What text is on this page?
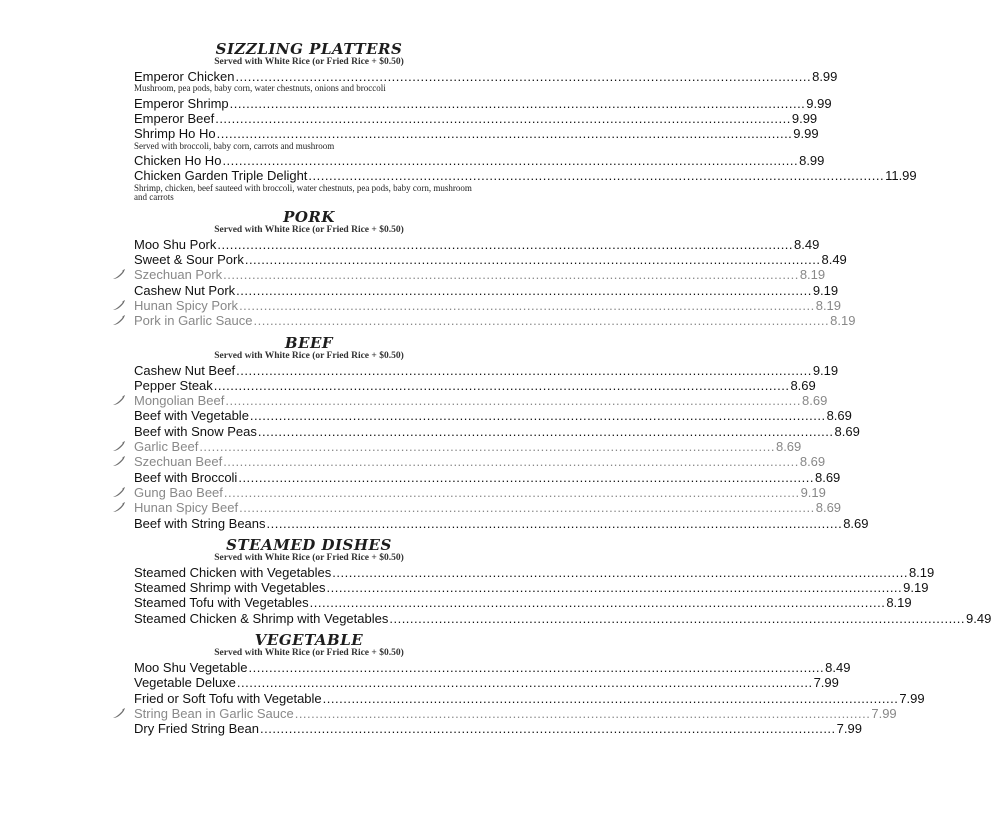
SIZZLING PLATTERS
Served with White Rice (or Fried Rice + $0.50)
Emperor Chicken ............................................................................................................................................ 8.99
Mushroom, pea pods, baby corn, water chestnuts, onions and broccoli
Emperor Shrimp ............................................................................................................................................ 9.99
Emperor Beef ............................................................................................................................................ 9.99
Shrimp Ho Ho ............................................................................................................................................ 9.99
Served with broccoli, baby corn, carrots and mushroom
Chicken Ho Ho ............................................................................................................................................ 8.99
Chicken Garden Triple Delight ............................................................................................................................................ 11.99
Shrimp, chicken, beef sauteed with broccoli, water chestnuts, pea pods, baby corn, mushroom and carrots
PORK
Served with White Rice (or Fried Rice + $0.50)
Moo Shu Pork ............................................................................................................................................ 8.49
Sweet & Sour Pork ............................................................................................................................................ 8.49
Szechuan Pork ............................................................................................................................................ 8.19
Cashew Nut Pork ............................................................................................................................................ 9.19
Hunan Spicy Pork ............................................................................................................................................ 8.19
Pork in Garlic Sauce ............................................................................................................................................ 8.19
BEEF
Served with White Rice (or Fried Rice + $0.50)
Cashew Nut Beef ............................................................................................................................................ 9.19
Pepper Steak ............................................................................................................................................ 8.69
Mongolian Beef ............................................................................................................................................ 8.69
Beef with Vegetable ............................................................................................................................................ 8.69
Beef with Snow Peas ............................................................................................................................................ 8.69
Garlic Beef ............................................................................................................................................ 8.69
Szechuan Beef ............................................................................................................................................ 8.69
Beef with Broccoli ............................................................................................................................................ 8.69
Gung Bao Beef ............................................................................................................................................ 9.19
Hunan Spicy Beef ............................................................................................................................................ 8.69
Beef with String Beans ............................................................................................................................................ 8.69
STEAMED DISHES
Served with White Rice (or Fried Rice + $0.50)
Steamed Chicken with Vegetables ............................................................................................................................................ 8.19
Steamed Shrimp with Vegetables ............................................................................................................................................ 9.19
Steamed Tofu with Vegetables ............................................................................................................................................ 8.19
Steamed Chicken & Shrimp with Vegetables ............................................................................................................................................ 9.49
VEGETABLE
Served with White Rice (or Fried Rice + $0.50)
Moo Shu Vegetable ............................................................................................................................................ 8.49
Vegetable Deluxe ............................................................................................................................................ 7.99
Fried or Soft Tofu with Vegetable ............................................................................................................................................ 7.99
String Bean in Garlic Sauce ............................................................................................................................................ 7.99
Dry Fried String Bean ............................................................................................................................................ 7.99
